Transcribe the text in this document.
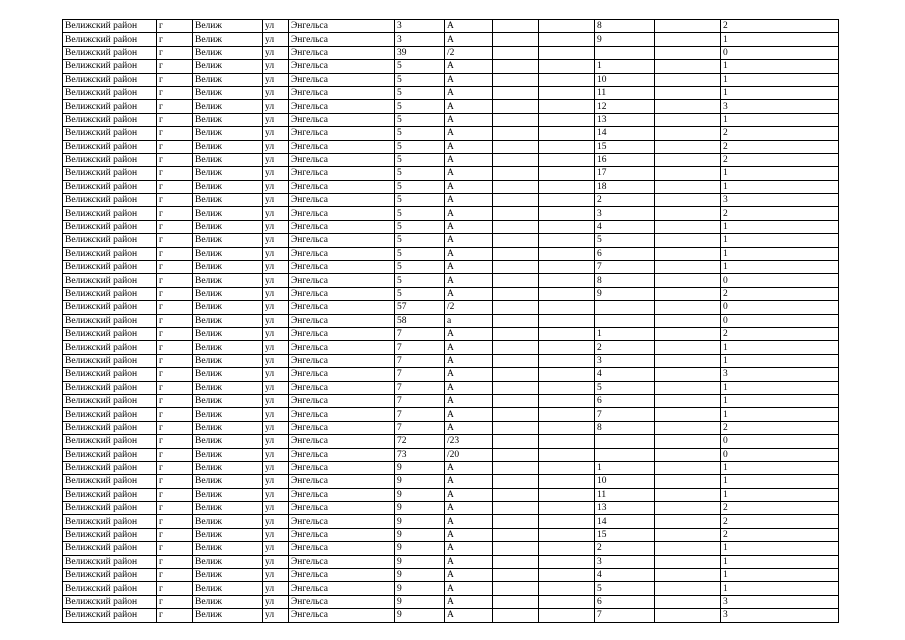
Велижский район	г	Велиж	ул	Энгельса	3	А			8		2
Велижский район	г	Велиж	ул	Энгельса	3	А			9		1
Велижский район	г	Велиж	ул	Энгельса	39	/2					0
Велижский район	г	Велиж	ул	Энгельса	5	А			1		1
Велижский район	г	Велиж	ул	Энгельса	5	А			10		1
Велижский район	г	Велиж	ул	Энгельса	5	А			11		1
Велижский район	г	Велиж	ул	Энгельса	5	А			12		3
Велижский район	г	Велиж	ул	Энгельса	5	А			13		1
Велижский район	г	Велиж	ул	Энгельса	5	А			14		2
Велижский район	г	Велиж	ул	Энгельса	5	А			15		2
Велижский район	г	Велиж	ул	Энгельса	5	А			16		2
Велижский район	г	Велиж	ул	Энгельса	5	А			17		1
Велижский район	г	Велиж	ул	Энгельса	5	А			18		1
Велижский район	г	Велиж	ул	Энгельса	5	А			2		3
Велижский район	г	Велиж	ул	Энгельса	5	А			3		2
Велижский район	г	Велиж	ул	Энгельса	5	А			4		1
Велижский район	г	Велиж	ул	Энгельса	5	А			5		1
Велижский район	г	Велиж	ул	Энгельса	5	А			6		1
Велижский район	г	Велиж	ул	Энгельса	5	А			7		1
Велижский район	г	Велиж	ул	Энгельса	5	А			8		0
Велижский район	г	Велиж	ул	Энгельса	5	А			9		2
Велижский район	г	Велиж	ул	Энгельса	57	/2					0
Велижский район	г	Велиж	ул	Энгельса	58	а					0
Велижский район	г	Велиж	ул	Энгельса	7	А			1		2
Велижский район	г	Велиж	ул	Энгельса	7	А			2		1
Велижский район	г	Велиж	ул	Энгельса	7	А			3		1
Велижский район	г	Велиж	ул	Энгельса	7	А			4		3
Велижский район	г	Велиж	ул	Энгельса	7	А			5		1
Велижский район	г	Велиж	ул	Энгельса	7	А			6		1
Велижский район	г	Велиж	ул	Энгельса	7	А			7		1
Велижский район	г	Велиж	ул	Энгельса	7	А			8		2
Велижский район	г	Велиж	ул	Энгельса	72	/23					0
Велижский район	г	Велиж	ул	Энгельса	73	/20					0
Велижский район	г	Велиж	ул	Энгельса	9	А			1		1
Велижский район	г	Велиж	ул	Энгельса	9	А			10		1
Велижский район	г	Велиж	ул	Энгельса	9	А			11		1
Велижский район	г	Велиж	ул	Энгельса	9	А			13		2
Велижский район	г	Велиж	ул	Энгельса	9	А			14		2
Велижский район	г	Велиж	ул	Энгельса	9	А			15		2
Велижский район	г	Велиж	ул	Энгельса	9	А			2		1
Велижский район	г	Велиж	ул	Энгельса	9	А			3		1
Велижский район	г	Велиж	ул	Энгельса	9	А			4		1
Велижский район	г	Велиж	ул	Энгельса	9	А			5		1
Велижский район	г	Велиж	ул	Энгельса	9	А			6		3
Велижский район	г	Велиж	ул	Энгельса	9	А			7		3
